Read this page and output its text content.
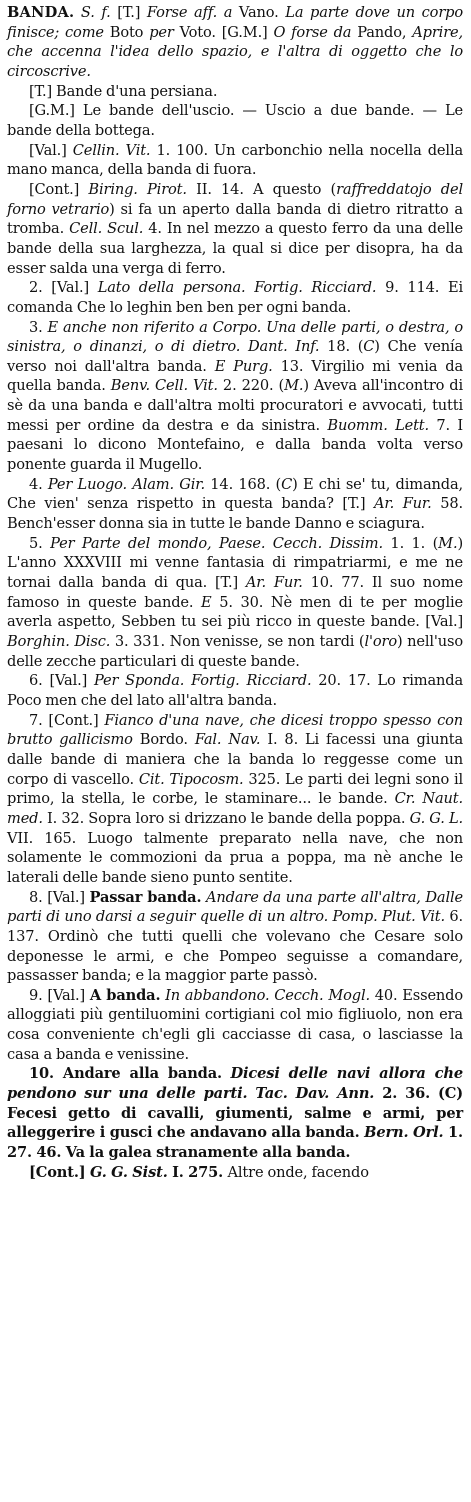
BANDA. S. f. [T.] Forse aff. a Vano. La parte dove un corpo finisce; come Boto per Voto. [G.M.] O forse da Pando, Aprire, che accenna l'idea dello spazio, e l'altra di oggetto che lo circoscrive.

[T.] Bande d'una persiana.

[G.M.] Le bande dell'uscio. — Uscio a due bande. — Le bande della bottega.

[Val.] Cellin. Vit. 1. 100. Un carbonchio nella nocella della mano manca, della banda di fuora.

[Cont.] Biring. Pirot. II. 14. A questo (raffreddatojo del forno vetrario) si fa un aperto dalla banda di dietro ritratto a tromba. Cell. Scul. 4. In nel mezzo a questo ferro da una delle bande della sua larghezza, la qual si dice per disopra, ha da esser salda una verga di ferro.

2. [Val.] Lato della persona. Fortig. Ricciard. 9. 114. Ei comanda Che lo leghin ben ben per ogni banda.

3. E anche non riferito a Corpo. Una delle parti, o destra, o sinistra, o dinanzi, o di dietro. Dant. Inf. 18. (C) Che venía verso noi dall'altra banda. E Purg. 13. Virgilio mi venia da quella banda. Benv. Cell. Vit. 2. 220. (M.) Aveva all'incontro di sè da una banda e dall'altra molti procuratori e avvocati, tutti messi per ordine da destra e da sinistra. Buomm. Lett. 7. I paesani lo dicono Montefaino, e dalla banda volta verso ponente guarda il Mugello.

4. Per Luogo. Alam. Gir. 14. 168. (C) E chi se' tu, dimanda, Che vien' senza rispetto in questa banda? [T.] Ar. Fur. 58. Bench'esser donna sia in tutte le bande Danno e sciagura.

5. Per Parte del mondo, Paese. Cecch. Dissim. 1. 1. (M.) L'anno XXXVIII mi venne fantasia di rimpatriarmi, e me ne tornai dalla banda di qua. [T.] Ar. Fur. 10. 77. Il suo nome famoso in queste bande. E 5. 30. Nè men di te per moglie averla aspetto, Sebben tu sei più ricco in queste bande. [Val.] Borghin. Disc. 3. 331. Non venisse, se non tardi (l'oro) nell'uso delle zecche particulari di queste bande.

6. [Val.] Per Sponda. Fortig. Ricciard. 20. 17. Lo rimanda Poco men che del lato all'altra banda.

7. [Cont.] Fianco d'una nave, che dicesi troppo spesso con brutto gallicismo Bordo. Fal. Nav. I. 8. Li facessi una giunta dalle bande di maniera che la banda lo reggesse come un corpo di vascello. Cit. Tipocosm. 325. Le parti dei legni sono il primo, la stella, le corbe, le staminare... le bande. Cr. Naut. med. I. 32. Sopra loro si drizzano le bande della poppa. G. G. L. VII. 165. Luogo talmente preparato nella nave, che non solamente le commozioni da prua a poppa, ma nè anche le laterali delle bande sieno punto sentite.

8. [Val.] Passar banda. Andare da una parte all'altra, Dalle parti di uno darsi a seguir quelle di un altro. Pomp. Plut. Vit. 6. 137. Ordinò che tutti quelli che volevano che Cesare solo deponesse le armi, e che Pompeo seguisse a comandare, passasser banda; e la maggior parte passò.

9. [Val.] A banda. In abbandono. Cecch. Mogl. 40. Essendo alloggiati più gentiluomini cortigiani col mio figliuolo, non era cosa conveniente ch'egli gli cacciasse di casa, o lasciasse la casa a banda e venissine.

10. Andare alla banda. Dicesi delle navi allora che pendono sur una delle parti. Tac. Dav. Ann. 2. 36. (C) Fecesi getto di cavalli, giumenti, salme e armi, per alleggerire i gusci che andavano alla banda. Bern. Orl. 1. 27. 46. Va la galea stranamente alla banda.

[Cont.] G. G. Sist. I. 275. Altre onde, facendo
